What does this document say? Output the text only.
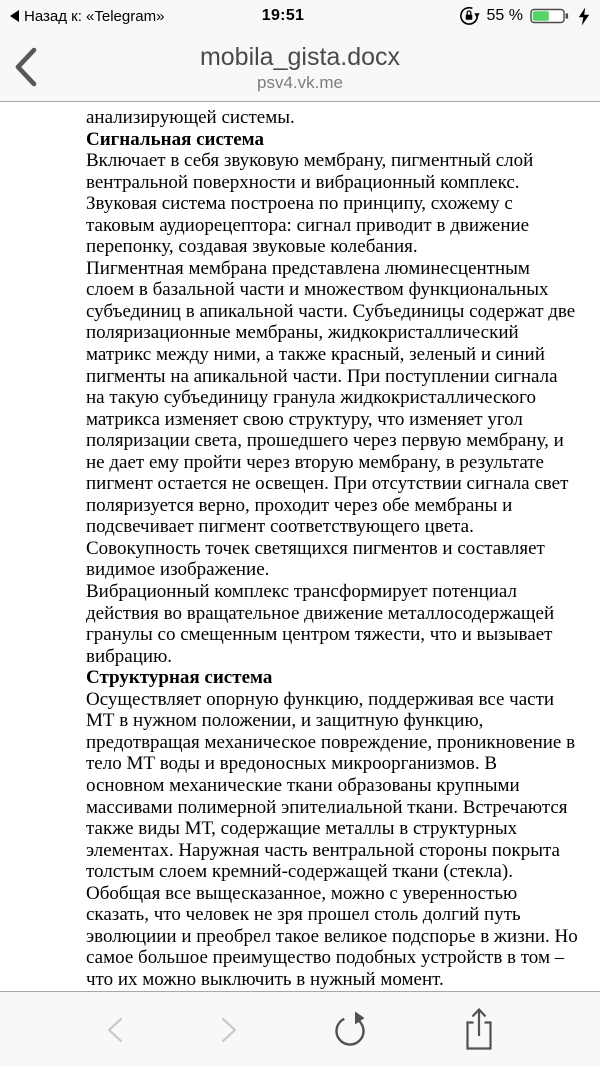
Назад к: «Telegram»	19:51	55 %
mobila_gista.docx
psv4.vk.me
анализирующей системы.
Сигнальная система
Включает в себя звуковую мембрану, пигментный слой
вентральной поверхности и вибрационный комплекс.
Звуковая система построена по принципу, схожему с
таковым аудиорецептора: сигнал приводит в движение
перепонку, создавая звуковые колебания.
Пигментная мембрана представлена люминесцентным
слоем в базальной части и множеством функциональных
субъединиц в апикальной части. Субъединицы содержат две
поляризационные мембраны, жидкокристаллический
матрикс между ними, а также красный, зеленый и синий
пигменты на апикальной части. При поступлении сигнала
на такую субъединицу гранула жидкокристаллического
матрикса изменяет свою структуру, что изменяет угол
поляризации света, прошедшего через первую мембрану, и
не дает ему пройти через вторую мембрану, в результате
пигмент остается не освещен. При отсутствии сигнала свет
поляризуется верно, проходит через обе мембраны и
подсвечивает пигмент соответствующего цвета.
Совокупность точек светящихся пигментов и составляет
видимое изображение.
Вибрационный комплекс трансформирует потенциал
действия во вращательное движение металлосодержащей
гранулы со смещенным центром тяжести, что и вызывает
вибрацию.
Структурная система
Осуществляет опорную функцию, поддерживая все части
МТ в нужном положении, и защитную функцию,
предотвращая механическое повреждение, проникновение в
тело МТ воды и вредоносных микроорганизмов. В
основном механические ткани образованы крупными
массивами полимерной эпителиальной ткани. Встречаются
также виды МТ, содержащие металлы в структурных
элементах. Наружная часть вентральной стороны покрыта
толстым слоем кремний-содержащей ткани (стекла).
Обобщая все выщесказанное, можно с уверенностью
сказать, что человек не зря прошел столь долгий путь
эволюциии и преобрел такое великое подспорье в жизни. Но
самое большое преимущество подобных устройств в том –
что их можно выключить в нужный момент.
